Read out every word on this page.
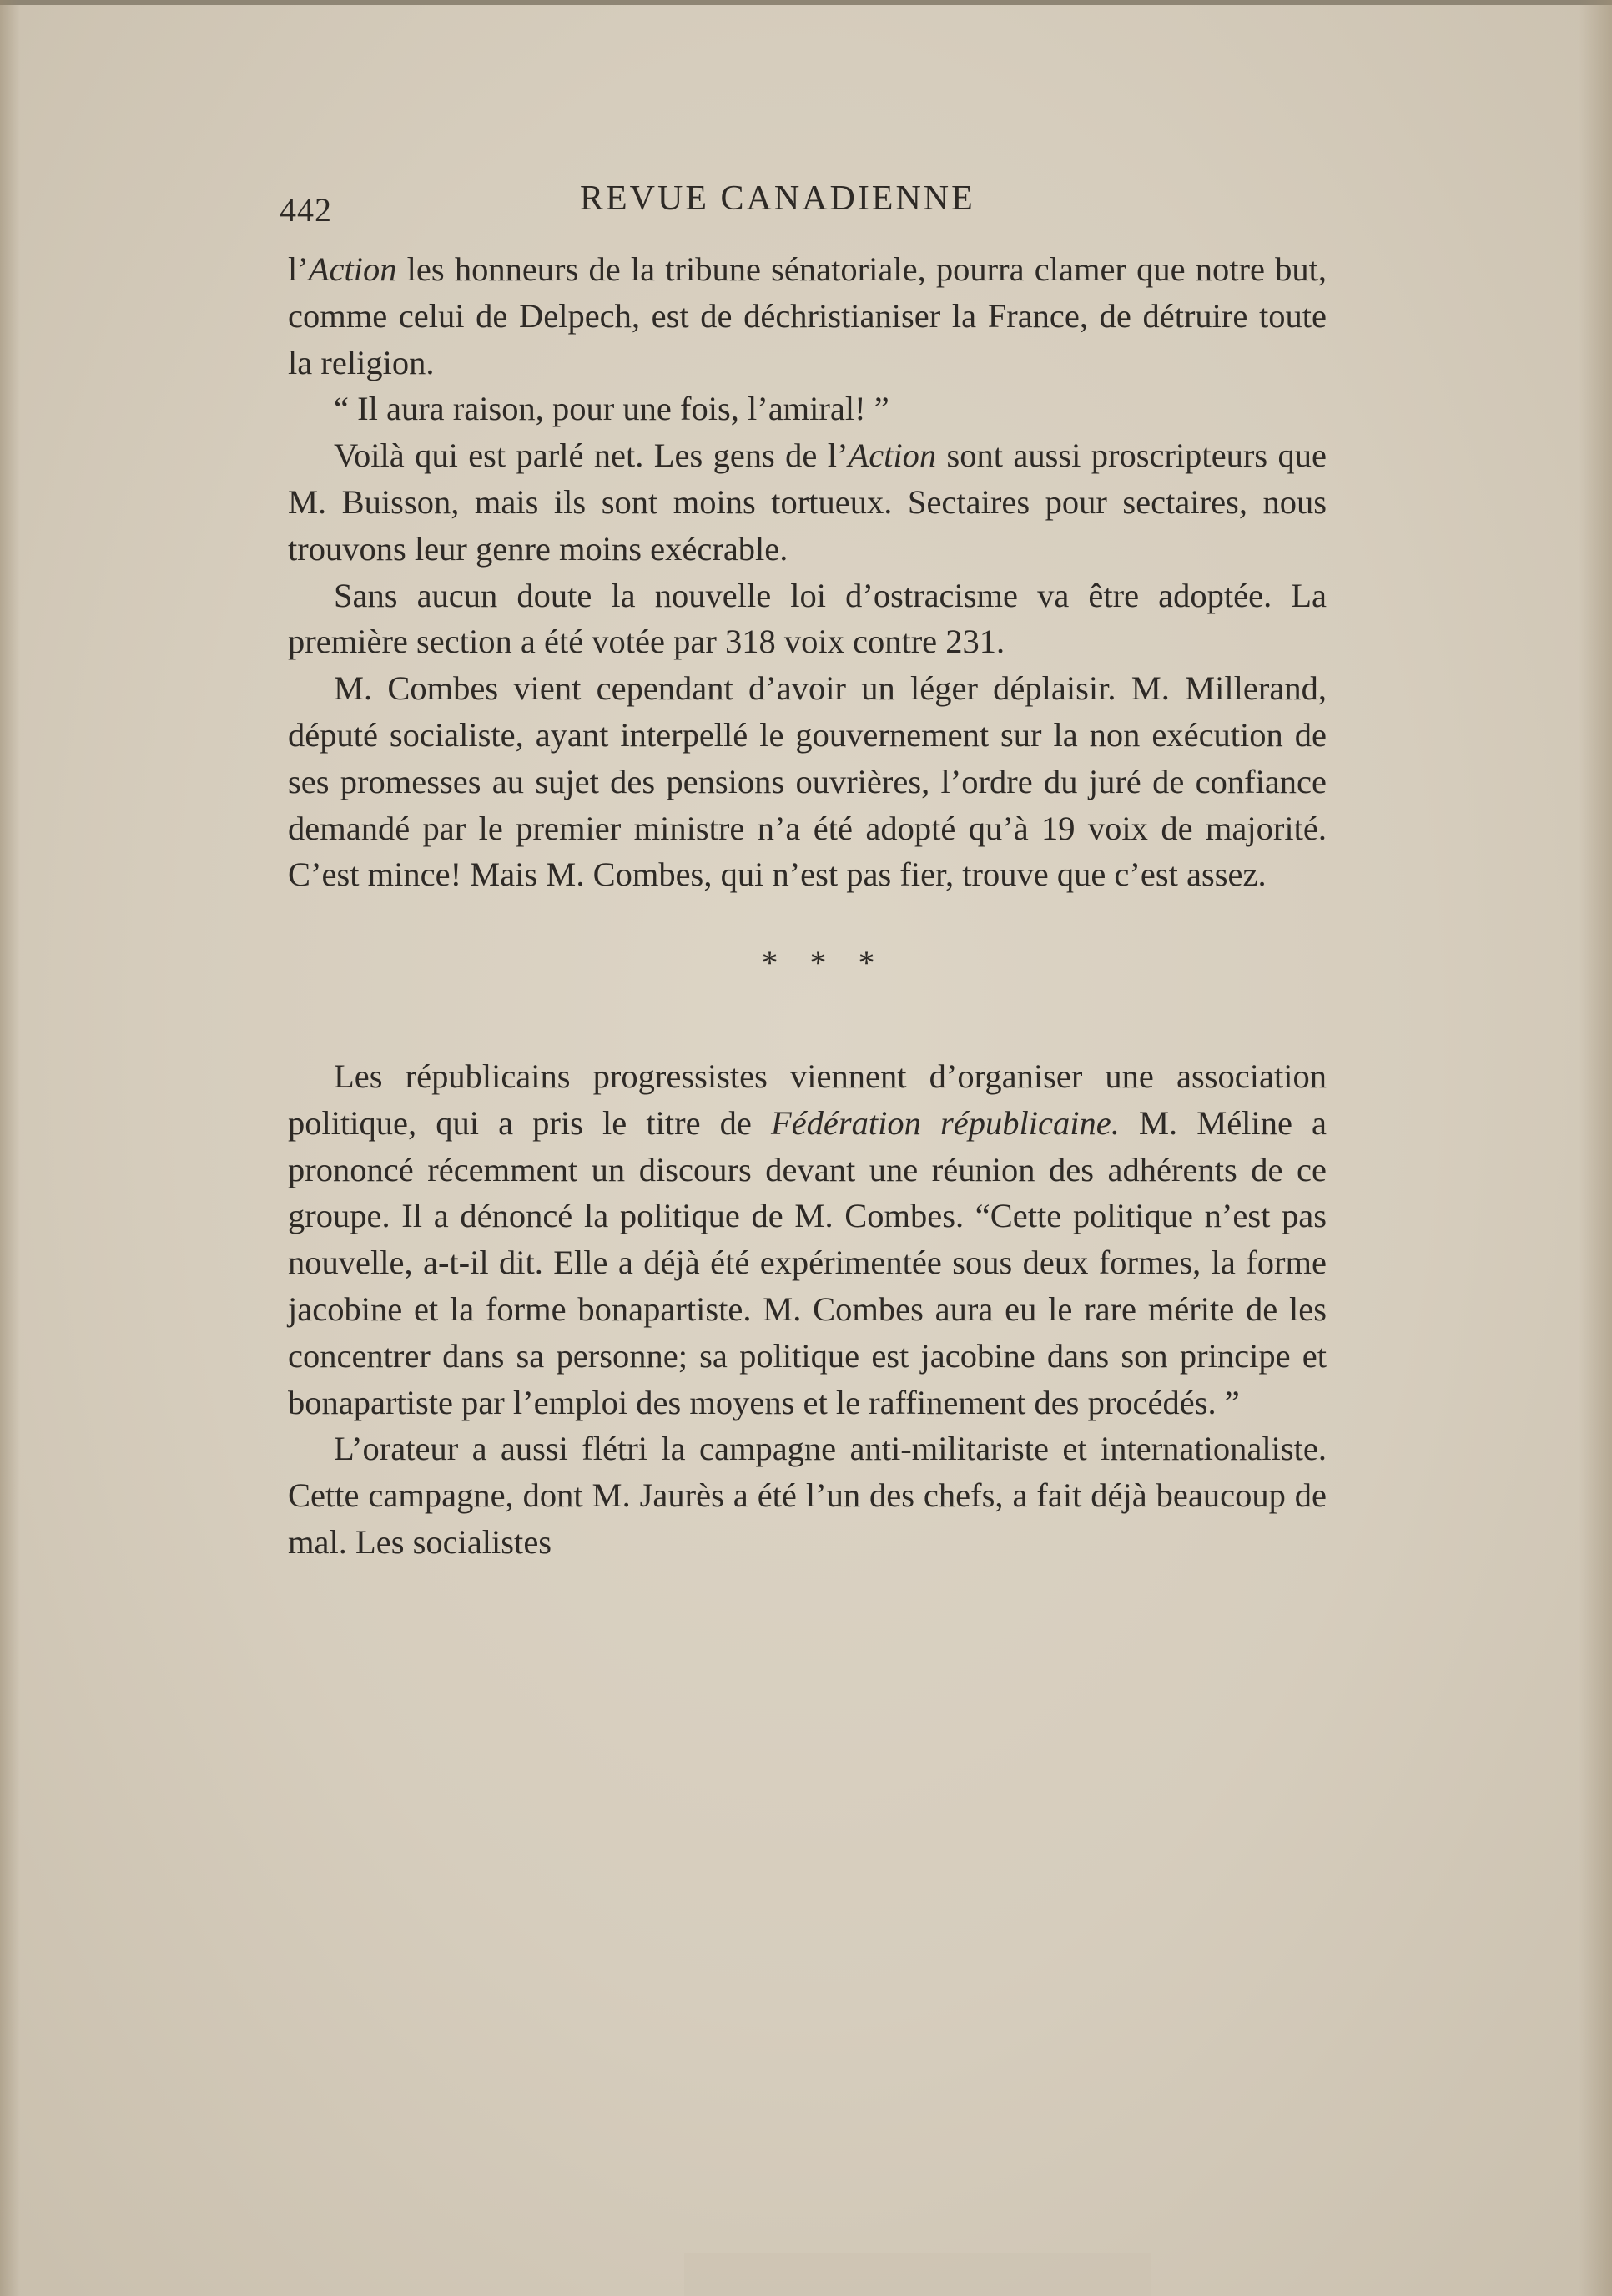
442	REVUE CANADIENNE

l’Action les honneurs de la tribune sénatoriale, pourra clamer que notre but, comme celui de Delpech, est de déchristianiser la France, de détruire toute la religion.

“ Il aura raison, pour une fois, l’amiral! ”

Voilà qui est parlé net. Les gens de l’Action sont aussi proscripteurs que M. Buisson, mais ils sont moins tortueux. Sectaires pour sectaires, nous trouvons leur genre moins exécrable.

Sans aucun doute la nouvelle loi d’ostracisme va être adoptée. La première section a été votée par 318 voix contre 231.

M. Combes vient cependant d’avoir un léger déplaisir. M. Millerand, député socialiste, ayant interpellé le gouvernement sur la non exécution de ses promesses au sujet des pensions ouvrières, l’ordre du juré de confiance demandé par le premier ministre n’a été adopté qu’à 19 voix de majorité. C’est mince! Mais M. Combes, qui n’est pas fier, trouve que c’est assez.

* * *

Les républicains progressistes viennent d’organiser une association politique, qui a pris le titre de Fédération républicaine. M. Méline a prononcé récemment un discours devant une réunion des adhérents de ce groupe. Il a dénoncé la politique de M. Combes. “Cette politique n’est pas nouvelle, a-t-il dit. Elle a déjà été expérimentée sous deux formes, la forme jacobine et la forme bonapartiste. M. Combes aura eu le rare mérite de les concentrer dans sa personne; sa politique est jacobine dans son principe et bonapartiste par l’emploi des moyens et le raffinement des procédés. ”

L’orateur a aussi flétri la campagne anti-militariste et internationaliste. Cette campagne, dont M. Jaurès a été l’un des chefs, a fait déjà beaucoup de mal. Les socialistes
